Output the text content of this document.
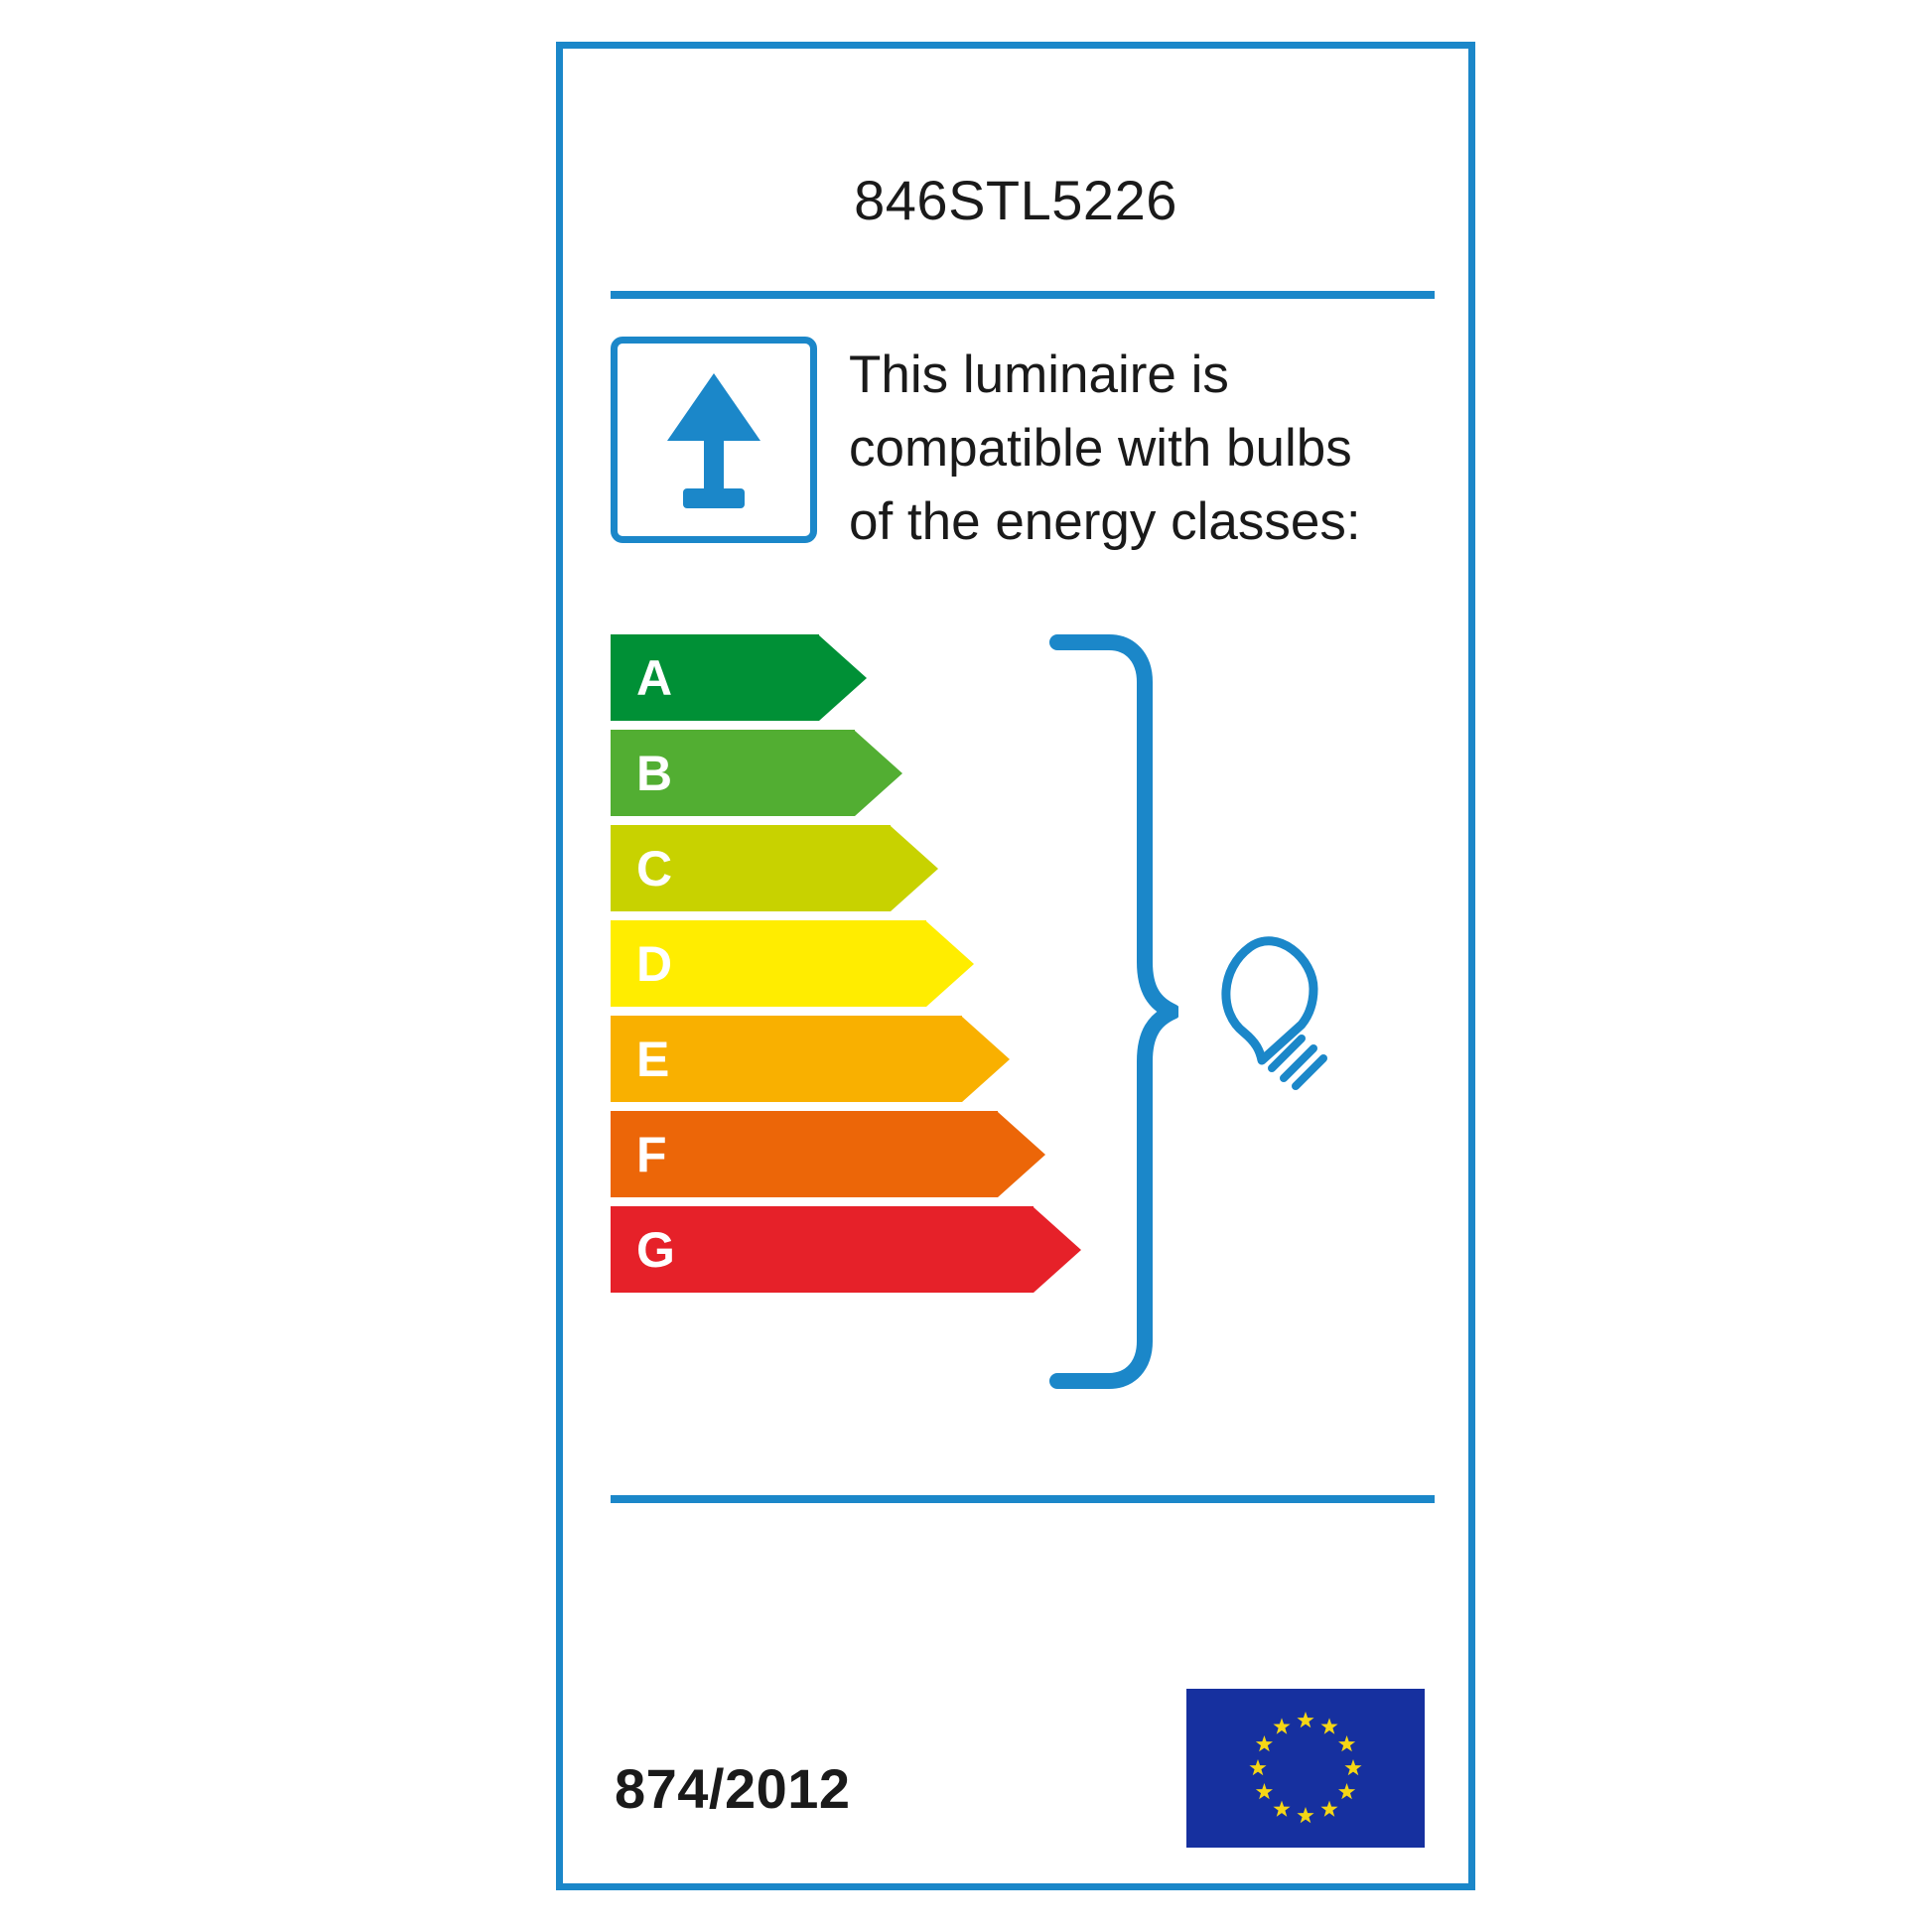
846STL5226
This luminaire is compatible with bulbs of the energy classes:
A
B
C
D
E
F
G
874/2012
